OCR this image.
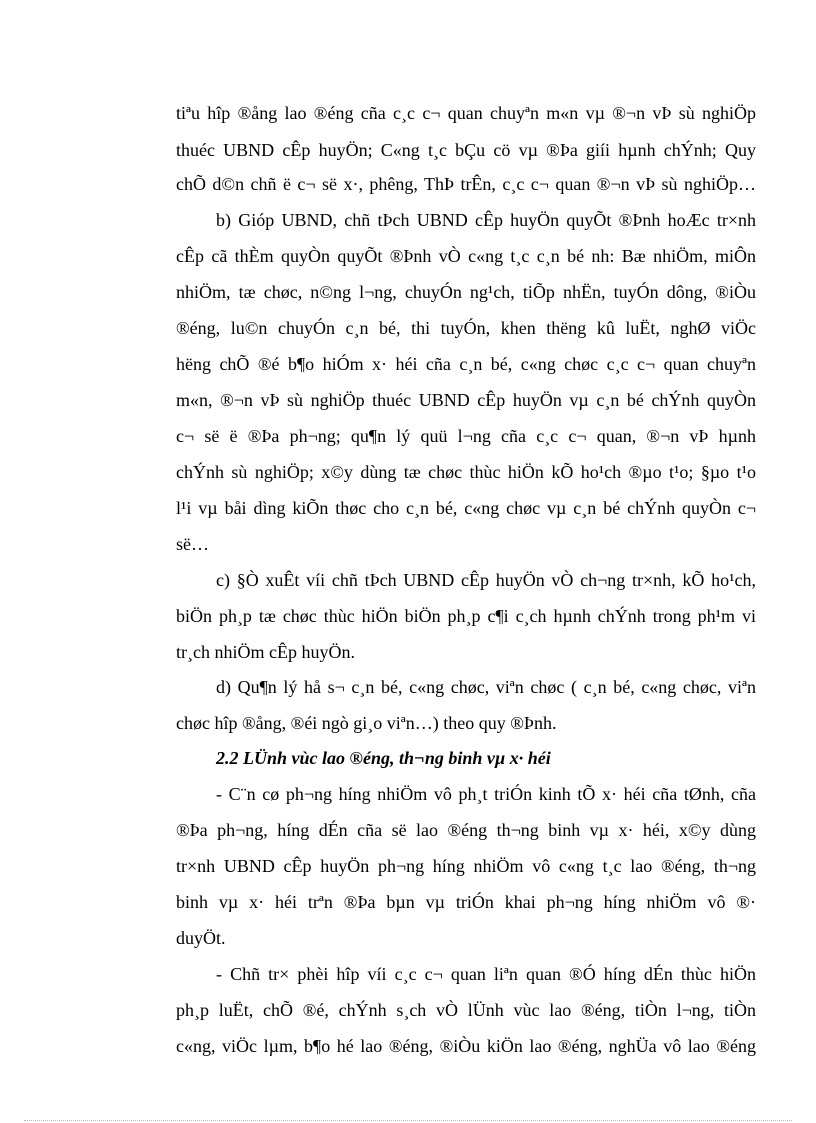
tiªu hîp ®ång lao ®éng cña c¸c c¬ quan chuyªn m«n vµ ®¬n vÞ sù nghiÖp
thuéc UBND cÊp huyÖn; C«ng t¸c bÇu cö vµ ®Þa giíi hµnh chÝnh; Quy
chÕ d©n chñ ë c¬ së x·, phêng, ThÞ trÊn, c¸c c¬ quan ®¬n vÞ sù nghiÖp…
b) Gióp UBND, chñ tÞch UBND cÊp huyÖn quyÕt ®Þnh hoÆc tr×nh
cÊp cã thÈm quyÒn quyÕt ®Þnh vÒ c«ng t¸c c¸n bé nh: Bæ nhiÖm, miÔn
nhiÖm, tæ chøc, n©ng l¬ng, chuyÓn ng¹ch, tiÕp nhËn, tuyÓn dông, ®iÒu
®éng, lu©n chuyÓn c¸n bé, thi tuyÓn, khen thëng kû luËt, nghØ viÖc
hëng chÕ ®é b¶o hiÓm x· héi cña c¸n bé, c«ng chøc c¸c c¬ quan chuyªn
m«n, ®¬n vÞ sù nghiÖp thuéc UBND cÊp huyÖn vµ c¸n bé chÝnh quyÒn
c¬ së ë ®Þa ph¬ng; qu¶n lý quü l¬ng cña c¸c c¬ quan, ®¬n vÞ hµnh
chÝnh sù nghiÖp; x©y dùng tæ chøc thùc hiÖn kÕ ho¹ch ®µo t¹o; §µo t¹o
l¹i vµ båi dìng kiÕn thøc cho c¸n bé, c«ng chøc vµ c¸n bé chÝnh quyÒn c¬
së…
c) §Ò xuÊt víi chñ tÞch UBND cÊp huyÖn vÒ ch¬ng tr×nh, kÕ ho¹ch,
biÖn ph¸p tæ chøc thùc hiÖn biÖn ph¸p c¶i c¸ch hµnh chÝnh trong ph¹m vi
tr¸ch nhiÖm cÊp huyÖn.
d) Qu¶n lý hå s¬ c¸n bé, c«ng chøc, viªn chøc ( c¸n bé, c«ng chøc, viªn
chøc hîp ®ång, ®éi ngò gi¸o viªn…) theo quy ®Þnh.
2.2 LÜnh vùc lao ®éng, th¬ng binh vµ x· héi
- C¨n cø ph¬ng híng nhiÖm vô ph¸t triÓn kinh tÕ x· héi cña tØnh, cña
®Þa ph¬ng, híng dÉn cña së lao ®éng th¬ng binh vµ x· héi, x©y dùng
tr×nh UBND cÊp huyÖn ph¬ng híng nhiÖm vô c«ng t¸c lao ®éng, th¬ng
binh vµ x· héi trªn ®Þa bµn vµ triÓn khai ph¬ng híng nhiÖm vô ®·
duyÖt.
- Chñ tr× phèi hîp víi c¸c c¬ quan liªn quan ®Ó híng dÉn thùc hiÖn
ph¸p luËt, chÕ ®é, chÝnh s¸ch vÒ lÜnh vùc lao ®éng, tiÒn l¬ng, tiÒn
c«ng, viÖc lµm, b¶o hé lao ®éng, ®iÒu kiÖn lao ®éng, nghÜa vô lao ®éng
